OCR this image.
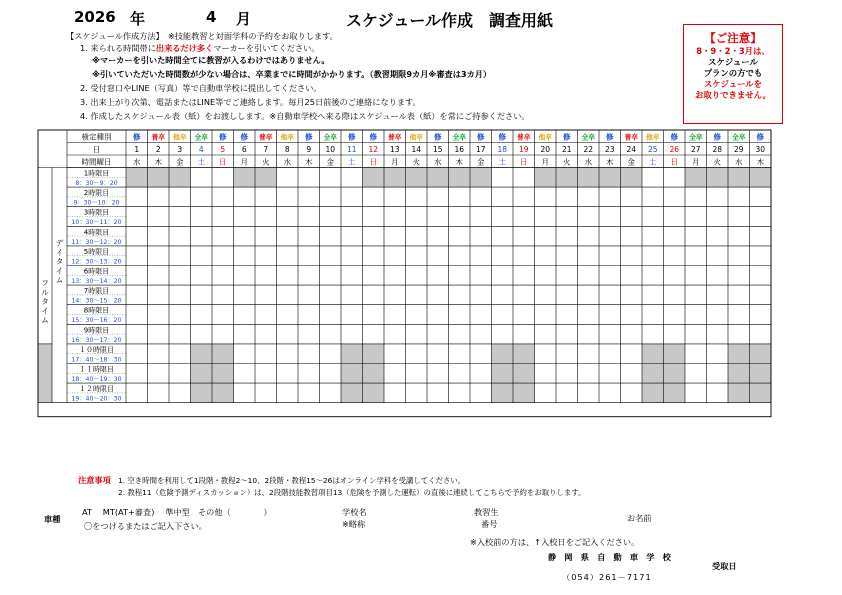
2026 年	4 月	スケジュール作成　調査用紙
【スケジュール作成方法】　 ※技能教習と対面学科の予約をお取りします。
1. 来られる時間帯に出来るだけ多くマーカーを引いてください。
※マーカーを引いた時間全てに教習が入るわけではありません。
※引いていただいた時間数が少ない場合は、卒業までに時間がかかります。（教習期限9カ月※審査は3カ月）
2. 受付窓口やLINE（写真）等で自動車学校に提出してください。
3. 出来上がり次第、電話またはLINE等でご連絡します。毎月25日前後のご連絡になります。
4. 作成したスケジュール表（紙）をお渡しします。※自動車学校へ来る際はスケジュール表（紙）を常にご持参ください。
【ご注意】
8・9・2・3月は、
スケジュール
プランの方でも
スケジュールを
お取りできません。
検定種別
日
時間曜日
修
1
水
普卒
2
木
他卒
3
金
全卒
4
土
修
5
日
修
6
月
普卒
7
火
他卒
8
水
修
9
木
全卒
10
金
修
11
土
修
12
日
普卒
13
月
他卒
14
火
修
15
水
全卒
16
木
修
17
金
修
18
土
普卒
19
日
他卒
20
月
修
21
火
全卒
22
水
修
23
木
普卒
24
金
他卒
25
土
修
26
日
全卒
27
月
修
28
火
全卒
29
水
修
30
木
1時限目
8：30～9：20
2時限目
9：30～10：20
3時限目
10：30～11：20
4時限目
11：30～12：20
5時限目
12：30～13：20
6時限目
13：30～14：20
7時限目
14：30～15：20
8時限目
15：30～16：20
9時限目
16：30～17：20
１０時限目
17：40～18：30
１１時限目
18：40～19：30
１２時限目
19：40～20：30
フ
ル
タ
イ
ム
デ
イ
タ
イ
ム
注意事項 1. 空き時間を利用して1段階・教程2～10、2段階・教程15～26はオンライン学科を受講してください。
2. 教程11（危険予測ディスカッション）は、2段階技能教習項目13（危険を予測した運転）の直後に連続してこちらで予約をお取りします。
車種
AT　 MT(AT+審査)　 準中型　その他（　　　　）
〇をつけるまたはご記入下さい。
学校名
※略称
教習生
番号
お名前
※入校前の方は、↑入校日をご記入ください。
静　岡　県　自　動　車　学　校
（054）261－7171
受取日
